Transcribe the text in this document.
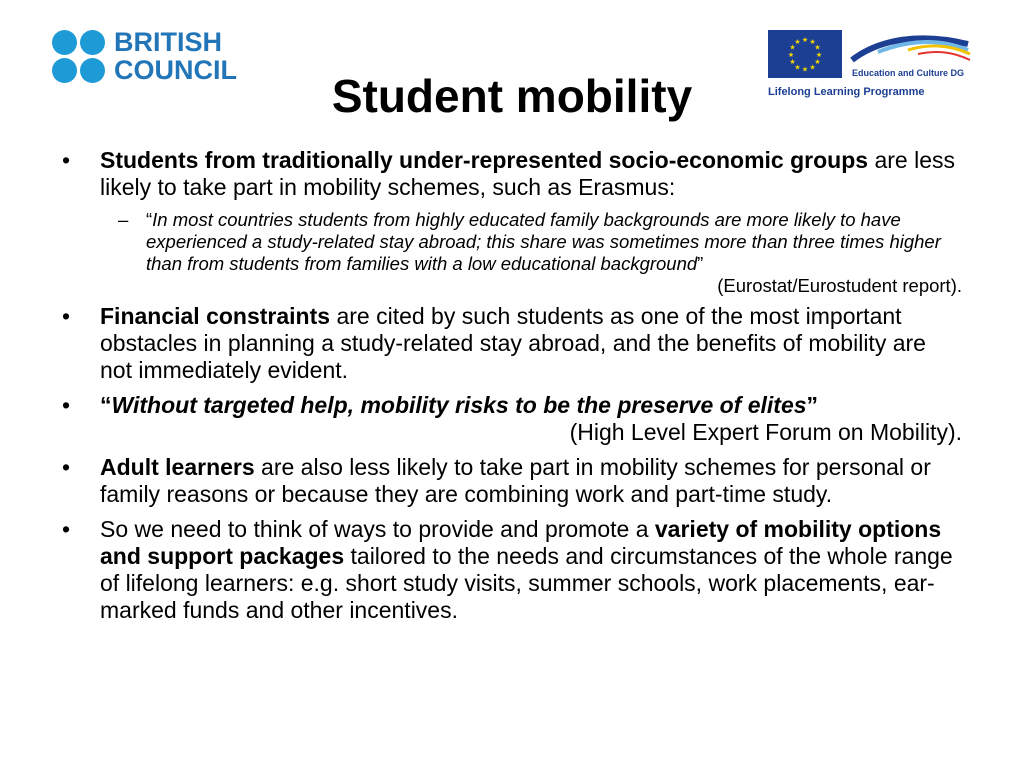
BRITISH
COUNCIL
★ ★
★
★
★
★
★
★
★
★
★
★
Education and Culture DG
Lifelong Learning Programme
Student mobility
• Students from traditionally under-represented socio-economic groups are less likely to take part in mobility schemes, such as Erasmus:
– “In most countries students from highly educated family backgrounds are more likely to have experienced a study-related stay abroad; this share was sometimes more than three times higher than from students from families with a low educational background”
(Eurostat/Eurostudent report).
• Financial constraints are cited by such students as one of the most important obstacles in planning a study-related stay abroad, and the benefits of mobility are not immediately evident.
• “Without targeted help, mobility risks to be the preserve of elites”
(High Level Expert Forum on Mobility).
• Adult learners are also less likely to take part in mobility schemes for personal or family reasons or because they are combining work and part-time study.
• So we need to think of ways to provide and promote a variety of mobility options and support packages tailored to the needs and circumstances of the whole range of lifelong learners: e.g. short study visits, summer schools, work placements, ear-marked funds and other incentives.
